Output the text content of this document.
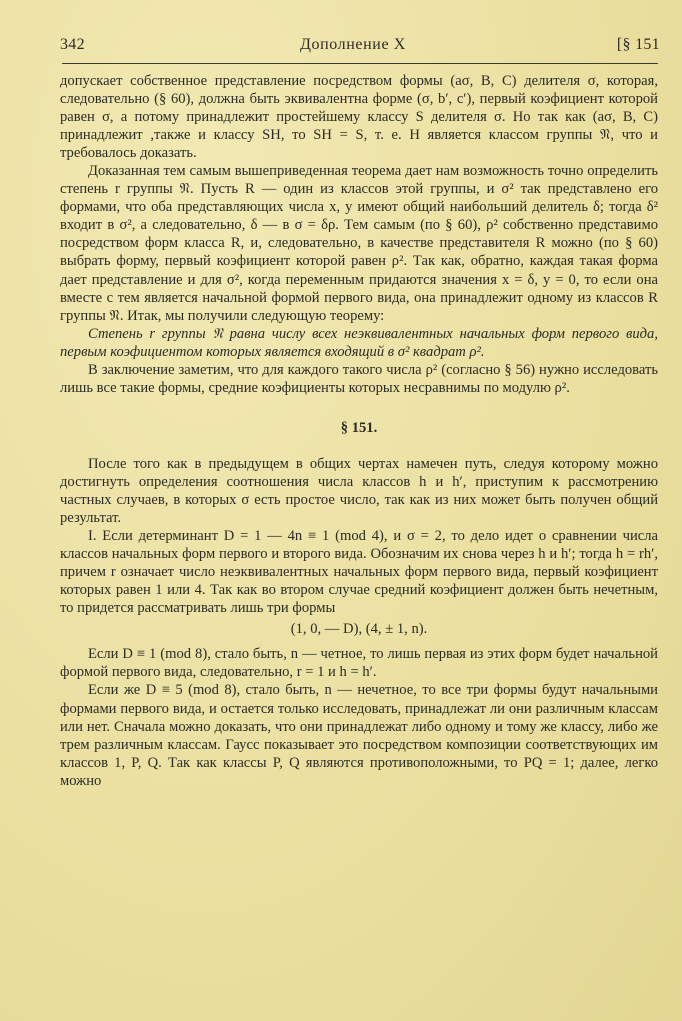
342	Дополнение X	[§ 151

допускает собственное представление посредством формы (aσ, B, C) делителя σ, которая, следовательно (§ 60), должна быть эквивалентна форме (σ, b′, c′), первый коэфициент которой равен σ, а потому принадлежит простейшему классу S делителя σ. Но так как (aσ, B, C) принадлежит ,также и классу SH, то SH = S, т. е. H является классом группы 𝔑, что и требовалось доказать.

Доказанная тем самым вышеприведенная теорема дает нам возможность точно определить степень r группы 𝔑. Пусть R — один из классов этой группы, и σ² так представлено его формами, что оба представляющих числа x, y имеют общий наибольший делитель δ; тогда δ² входит в σ², а следовательно, δ — в σ = δρ. Тем самым (по § 60), ρ² собственно представимо посредством форм класса R, и, следовательно, в качестве представителя R можно (по § 60) выбрать форму, первый коэфициент которой равен ρ². Так как, обратно, каждая такая форма дает представление и для σ², когда переменным придаются значения x = δ, y = 0, то если она вместе с тем является начальной формой первого вида, она принадлежит одному из классов R группы 𝔑. Итак, мы получили следующую теорему:

Степень r группы 𝔑 равна числу всех неэквивалентных начальных форм первого вида, первым коэфициентом которых является входящий в σ² квадрат ρ².

В заключение заметим, что для каждого такого числа ρ² (согласно § 56) нужно исследовать лишь все такие формы, средние коэфициенты которых несравнимы по модулю ρ².

§ 151.

После того как в предыдущем в общих чертах намечен путь, следуя которому можно достигнуть определения соотношения числа классов h и h′, приступим к рассмотрению частных случаев, в которых σ есть простое число, так как из них может быть получен общий результат.

I. Если детерминант D = 1 — 4n ≡ 1 (mod 4), и σ = 2, то дело идет о сравнении числа классов начальных форм первого и второго вида. Обозначим их снова через h и h′; тогда h = rh′, причем r означает число неэквивалентных начальных форм первого вида, первый коэфициент которых равен 1 или 4. Так как во втором случае средний коэфициент должен быть нечетным, то придется рассматривать лишь три формы

(1, 0, — D), (4, ± 1, n).

Если D ≡ 1 (mod 8), стало быть, n — четное, то лишь первая из этих форм будет начальной формой первого вида, следовательно, r = 1 и h = h′.

Если же D ≡ 5 (mod 8), стало быть, n — нечетное, то все три формы будут начальными формами первого вида, и остается только исследовать, принадлежат ли они различным классам или нет. Сначала можно доказать, что они принадлежат либо одному и тому же классу, либо же трем различным классам. Гаусс показывает это посредством композиции соответствующих им классов 1, P, Q. Так как классы P, Q являются противоположными, то PQ = 1; далее, легко можно
